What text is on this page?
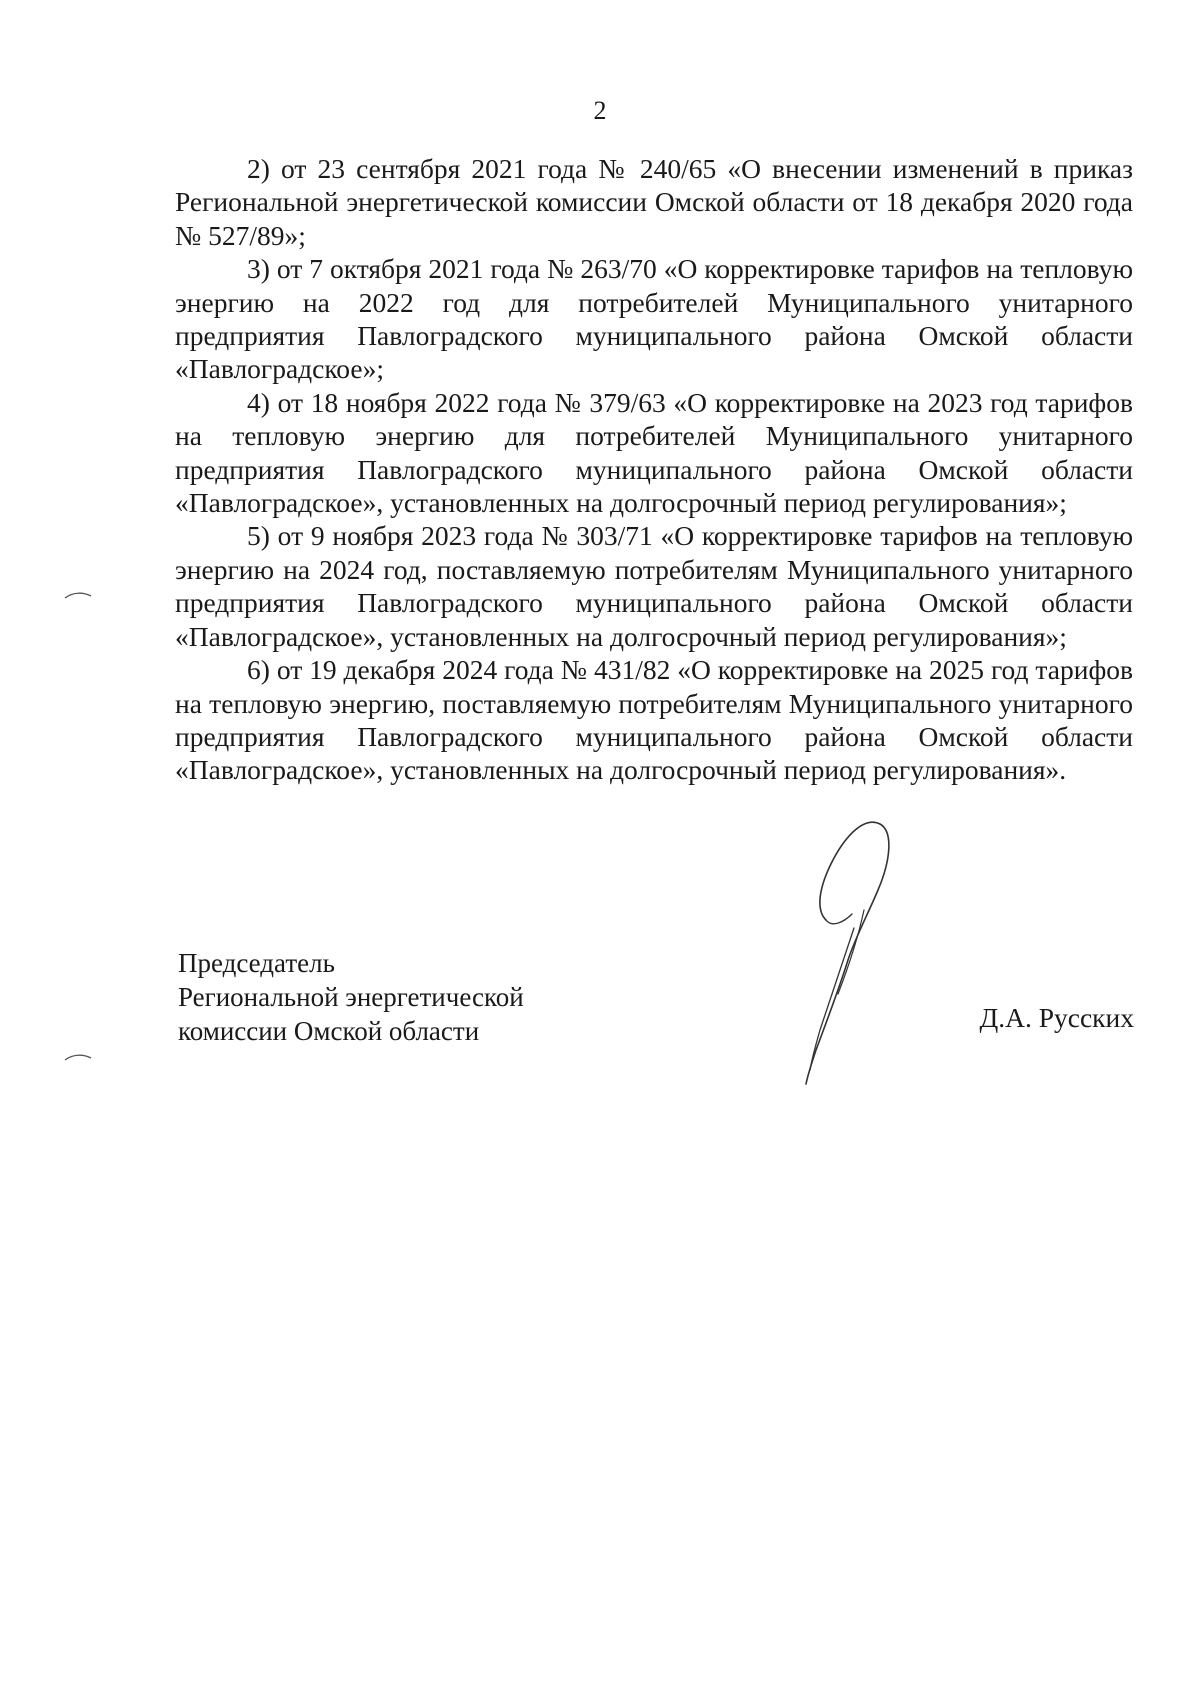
2

2) от 23 сентября 2021 года № 240/65 «О внесении изменений в приказ Региональной энергетической комиссии Омской области от 18 декабря 2020 года № 527/89»;

3) от 7 октября 2021 года № 263/70 «О корректировке тарифов на тепловую энергию на 2022 год для потребителей Муниципального унитарного предприятия Павлоградского муниципального района Омской области «Павлоградское»;

4) от 18 ноября 2022 года № 379/63 «О корректировке на 2023 год тарифов на тепловую энергию для потребителей Муниципального унитарного предприятия Павлоградского муниципального района Омской области «Павлоградское», установленных на долгосрочный период регулирования»;

5) от 9 ноября 2023 года № 303/71 «О корректировке тарифов на тепловую энергию на 2024 год, поставляемую потребителям Муниципального унитарного предприятия Павлоградского муниципального района Омской области «Павлоградское», установленных на долгосрочный период регулирования»;

6) от 19 декабря 2024 года № 431/82 «О корректировке на 2025 год тарифов на тепловую энергию, поставляемую потребителям Муниципального унитарного предприятия Павлоградского муниципального района Омской области «Павлоградское», установленных на долгосрочный период регулирования».

Председатель
Региональной энергетической
комиссии Омской области	Д.А. Русских
